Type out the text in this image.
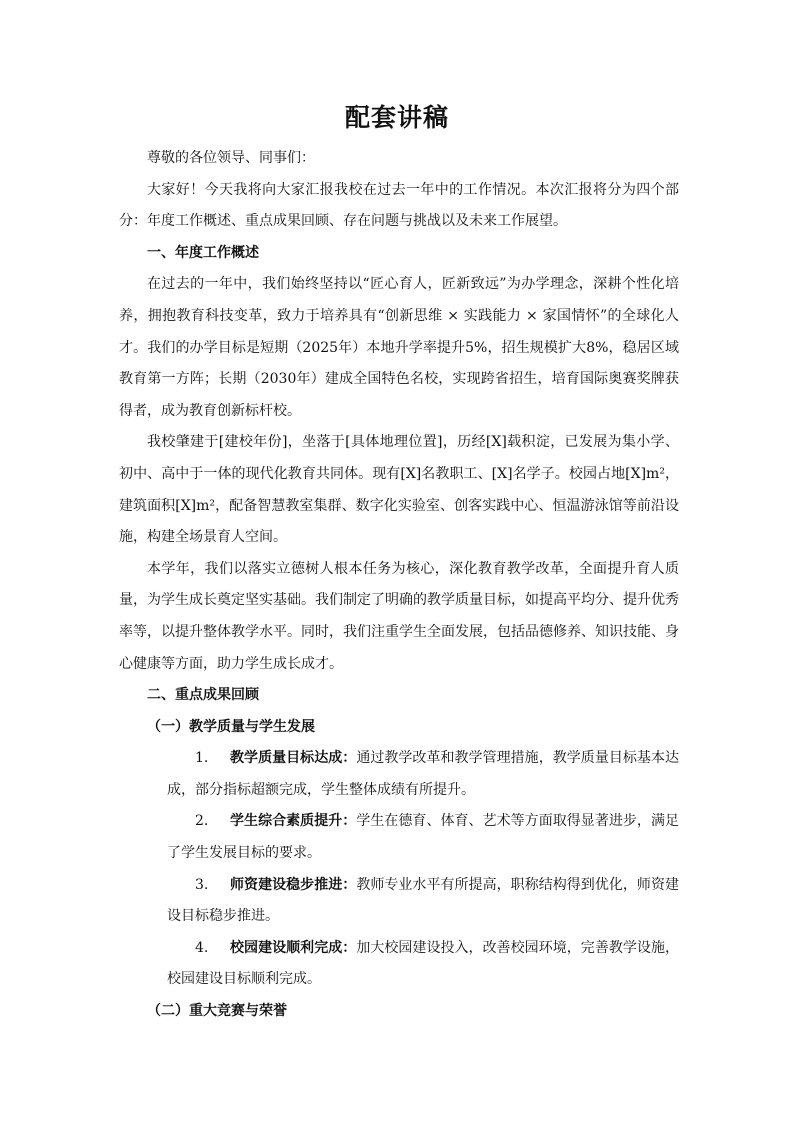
配套讲稿

尊敬的各位领导、同事们：

大家好！今天我将向大家汇报我校在过去一年中的工作情况。本次汇报将分为四个部分：年度工作概述、重点成果回顾、存在问题与挑战以及未来工作展望。

一、年度工作概述

在过去的一年中，我们始终坚持以“匠心育人，匠新致远”为办学理念，深耕个性化培养，拥抱教育科技变革，致力于培养具有“创新思维 × 实践能力 × 家国情怀”的全球化人才。我们的办学目标是短期（2025年）本地升学率提升5%，招生规模扩大8%，稳居区域教育第一方阵；长期（2030年）建成全国特色名校，实现跨省招生，培育国际奥赛奖牌获得者，成为教育创新标杆校。

我校肇建于[建校年份]，坐落于[具体地理位置]，历经[X]载积淀，已发展为集小学、初中、高中于一体的现代化教育共同体。现有[X]名教职工、[X]名学子。校园占地[X]m²，建筑面积[X]m²，配备智慧教室集群、数字化实验室、创客实践中心、恒温游泳馆等前沿设施，构建全场景育人空间。

本学年，我们以落实立德树人根本任务为核心，深化教育教学改革，全面提升育人质量，为学生成长奠定坚实基础。我们制定了明确的教学质量目标，如提高平均分、提升优秀率等，以提升整体教学水平。同时，我们注重学生全面发展，包括品德修养、知识技能、身心健康等方面，助力学生成长成才。

二、重点成果回顾

（一）教学质量与学生发展

1. 教学质量目标达成：通过教学改革和教学管理措施，教学质量目标基本达成，部分指标超额完成，学生整体成绩有所提升。

2. 学生综合素质提升：学生在德育、体育、艺术等方面取得显著进步，满足了学生发展目标的要求。

3. 师资建设稳步推进：教师专业水平有所提高，职称结构得到优化，师资建设目标稳步推进。

4. 校园建设顺利完成：加大校园建设投入，改善校园环境，完善教学设施，校园建设目标顺利完成。

（二）重大竞赛与荣誉
